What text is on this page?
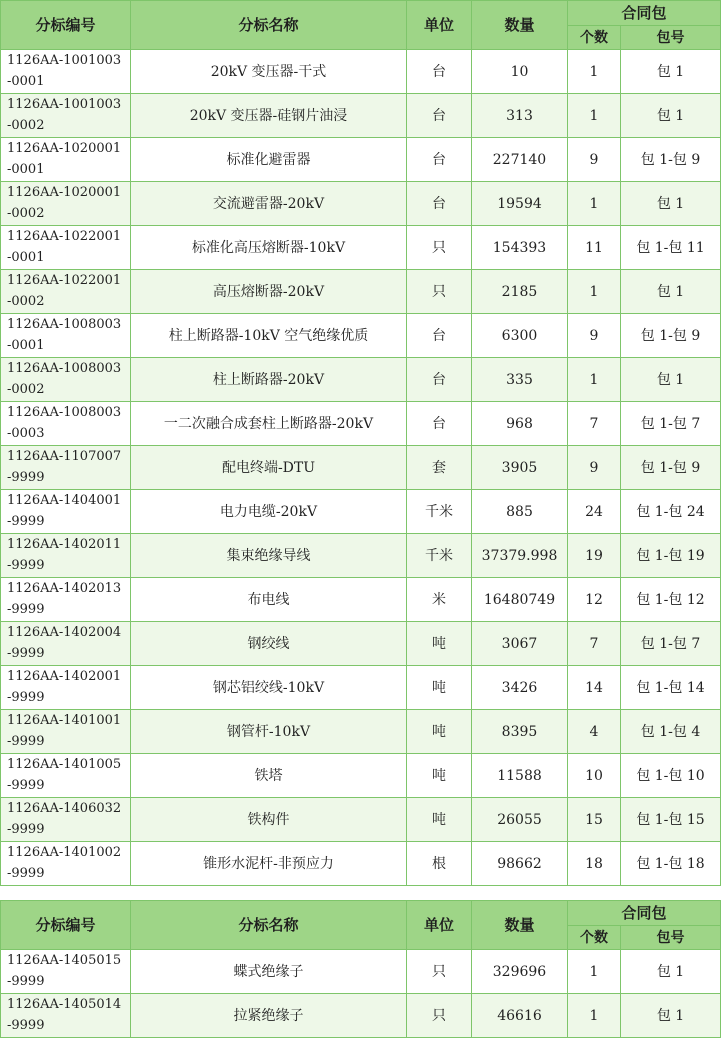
分标编号	分标名称	单位	数量	合同包	
				个数	包号
1126AA-1001003
-0001	20kV 变压器-干式	台	10	1	包 1
1126AA-1001003
-0002	20kV 变压器-硅钢片油浸	台	313	1	包 1
1126AA-1020001
-0001	标准化避雷器	台	227140	9	包 1-包 9
1126AA-1020001
-0002	交流避雷器-20kV	台	19594	1	包 1
1126AA-1022001
-0001	标准化高压熔断器-10kV	只	154393	11	包 1-包 11
1126AA-1022001
-0002	高压熔断器-20kV	只	2185	1	包 1
1126AA-1008003
-0001	柱上断路器-10kV 空气绝缘优质	台	6300	9	包 1-包 9
1126AA-1008003
-0002	柱上断路器-20kV	台	335	1	包 1
1126AA-1008003
-0003	一二次融合成套柱上断路器-20kV	台	968	7	包 1-包 7
1126AA-1107007
-9999	配电终端-DTU	套	3905	9	包 1-包 9
1126AA-1404001
-9999	电力电缆-20kV	千米	885	24	包 1-包 24
1126AA-1402011
-9999	集束绝缘导线	千米	37379.998	19	包 1-包 19
1126AA-1402013
-9999	布电线	米	16480749	12	包 1-包 12
1126AA-1402004
-9999	钢绞线	吨	3067	7	包 1-包 7
1126AA-1402001
-9999	钢芯铝绞线-10kV	吨	3426	14	包 1-包 14
1126AA-1401001
-9999	钢管杆-10kV	吨	8395	4	包 1-包 4
1126AA-1401005
-9999	铁塔	吨	11588	10	包 1-包 10
1126AA-1406032
-9999	铁构件	吨	26055	15	包 1-包 15
1126AA-1401002
-9999	锥形水泥杆-非预应力	根	98662	18	包 1-包 18
分标编号	分标名称	单位	数量	合同包	
				个数	包号
1126AA-1405015
-9999	蝶式绝缘子	只	329696	1	包 1
1126AA-1405014
-9999	拉紧绝缘子	只	46616	1	包 1
